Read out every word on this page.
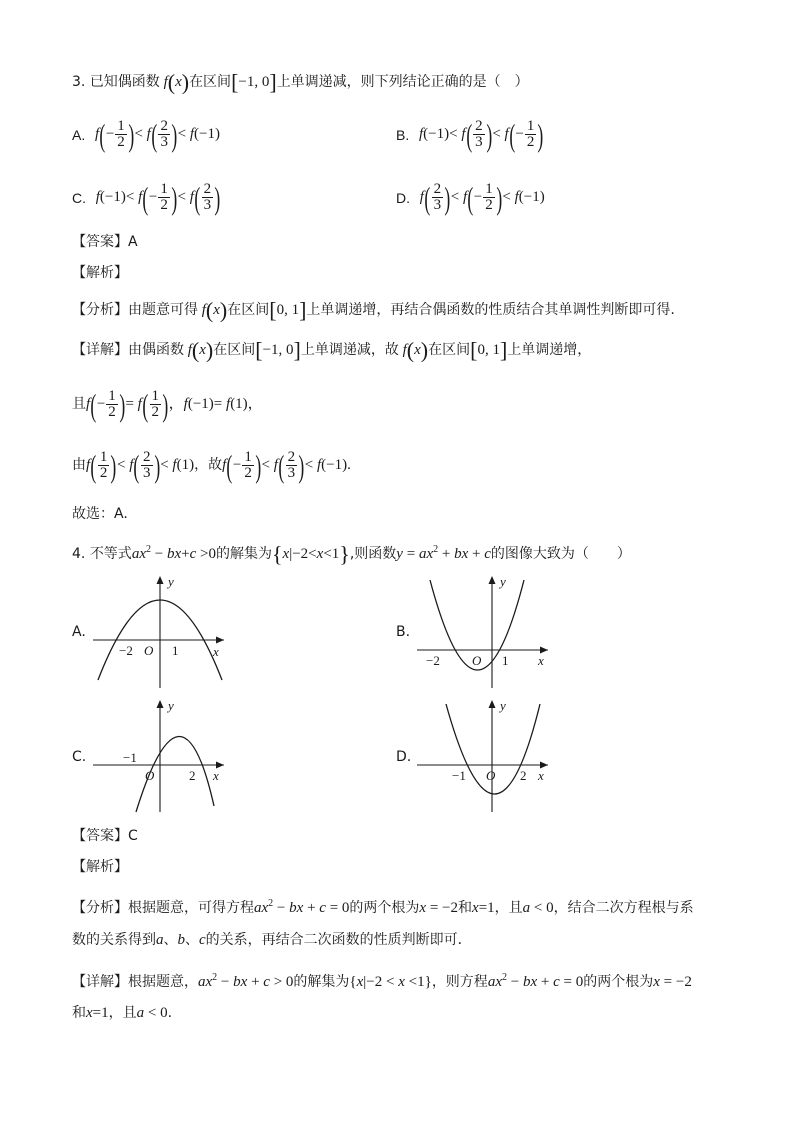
3. 已知偶函数 f(x)在区间[−1, 0]上单调递减，则下列结论正确的是（　）
A. $f(- \frac{1}{2}$ )< $f( \frac{2}{3}$ )< f(−1)	B. $f(-1)< f( \frac{2}{3}$ )< $f(- \frac{1}{2}$ )
C. $f(-1)< f(- \frac{1}{2}$ )< $f( \frac{2}{3}$ )	D. $f( \frac{2}{3}$ )< $f(- \frac{1}{2}$ )< f(−1)
【答案】A
【解析】
【分析】由题意可得 f(x)在区间[0, 1]上单调递增，再结合偶函数的性质结合其单调性判断即可得.
【详解】由偶函数 f(x)在区间[−1, 0]上单调递减，故 f(x)在区间[0, 1]上单调递增，
且$f(- \frac{1}{2}$ )= $f( \frac{1}{2}$ )，f(−1)= f(1)，
由$f( \frac{1}{2}$ )< $f( \frac{2}{3}$ )< f(1)，故$f(- \frac{1}{2}$ )< $f( \frac{2}{3}$ )< f(−1).
故选：A.
4. 不等式$ax^2 - bx+c >0$的解集为{x|−2<x<1},则函数$y = ax^2$ + bx + c的图像大致为（　　）
A.
y
x
O
−2	1
B.
y
x
O
−2	1
C.
y
x
O
−1
2
D.
y
x
O
−1	2
【答案】C
【解析】
【分析】根据题意，可得方程$ax^2$ − bx + c = 0的两个根为x = −2和x=1，且a < 0，结合二次方程根与系
数的关系得到a、b、c的关系，再结合二次函数的性质判断即可．
【详解】根据题意，$ax^2$ − bx + c > 0的解集为{x|−2 < x <1}，则方程$ax^2$ − bx + c = 0的两个根为x = −2
和x=1，且a < 0.
